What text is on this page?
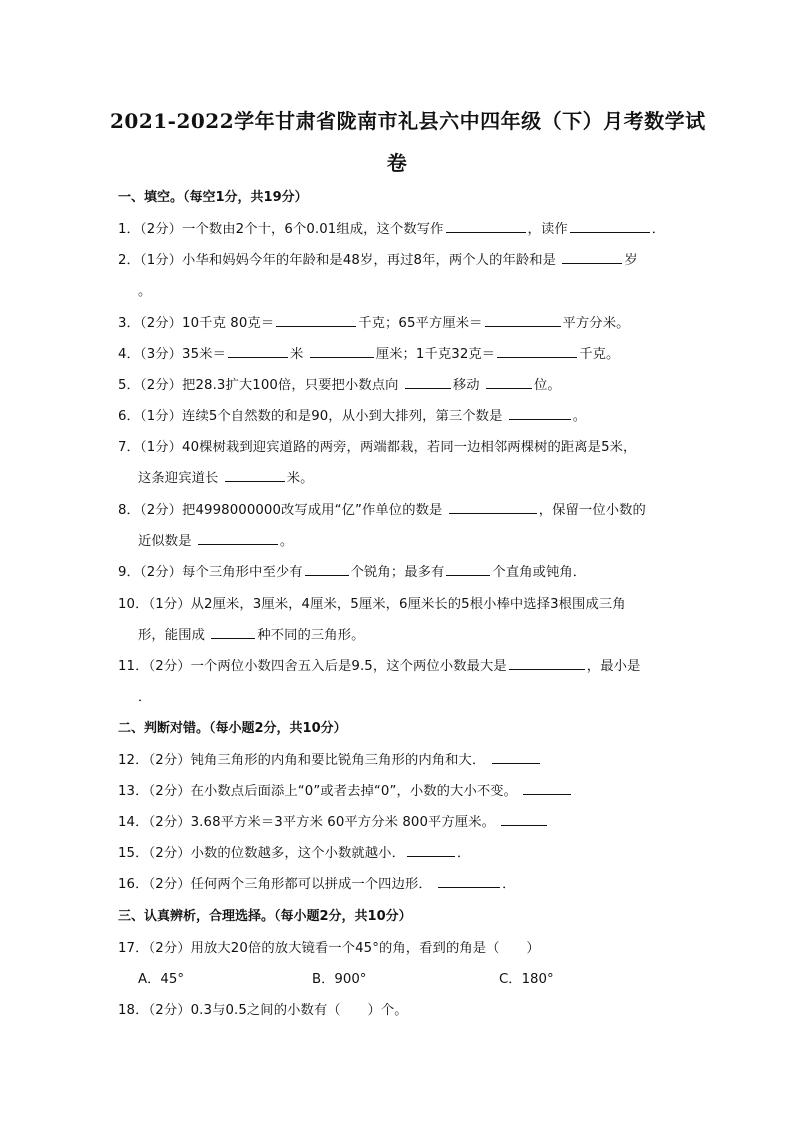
2021-2022学年甘肃省陇南市礼县六中四年级（下）月考数学试
卷
一、填空。（每空1分，共19分）
1．（2分）一个数由2个十，6个0.01组成，这个数写作	，读作	．
2．（1分）小华和妈妈今年的年龄和是48岁，再过8年，两个人的年龄和是	岁
。
3．（2分）10千克 80克＝	千克；65平方厘米＝	平方分米。
4．（3分）35米＝	米	厘米；1千克32克＝	千克。
5．（2分）把28.3扩大100倍，只要把小数点向	移动	位。
6．（1分）连续5个自然数的和是90，从小到大排列，第三个数是	。
7．（1分）40棵树栽到迎宾道路的两旁，两端都栽，若同一边相邻两棵树的距离是5米，
这条迎宾道长	米。
8．（2分）把4998000000改写成用“亿”作单位的数是	，保留一位小数的
近似数是	。
9．（2分）每个三角形中至少有	个锐角；最多有	个直角或钝角．
10．（1分）从2厘米，3厘米，4厘米，5厘米，6厘米长的5根小棒中选择3根围成三角
形，能围成	种不同的三角形。
11．（2分）一个两位小数四舍五入后是9.5，这个两位小数最大是	，最小是
．
二、判断对错。（每小题2分，共10分）
12．（2分）钝角三角形的内角和要比锐角三角形的内角和大．
13．（2分）在小数点后面添上“0”或者去掉“0”，小数的大小不变。
14．（2分）3.68平方米＝3平方米 60平方分米 800平方厘米。
15．（2分）小数的位数越多，这个小数就越小．	．
16．（2分）任何两个三角形都可以拼成一个四边形．	．
三、认真辨析，合理选择。（每小题2分，共10分）
17．（2分）用放大20倍的放大镜看一个45°的角，看到的角是（　　）
A．45°	B．900°	C．180°
18．（2分）0.3与0.5之间的小数有（　　）个。
